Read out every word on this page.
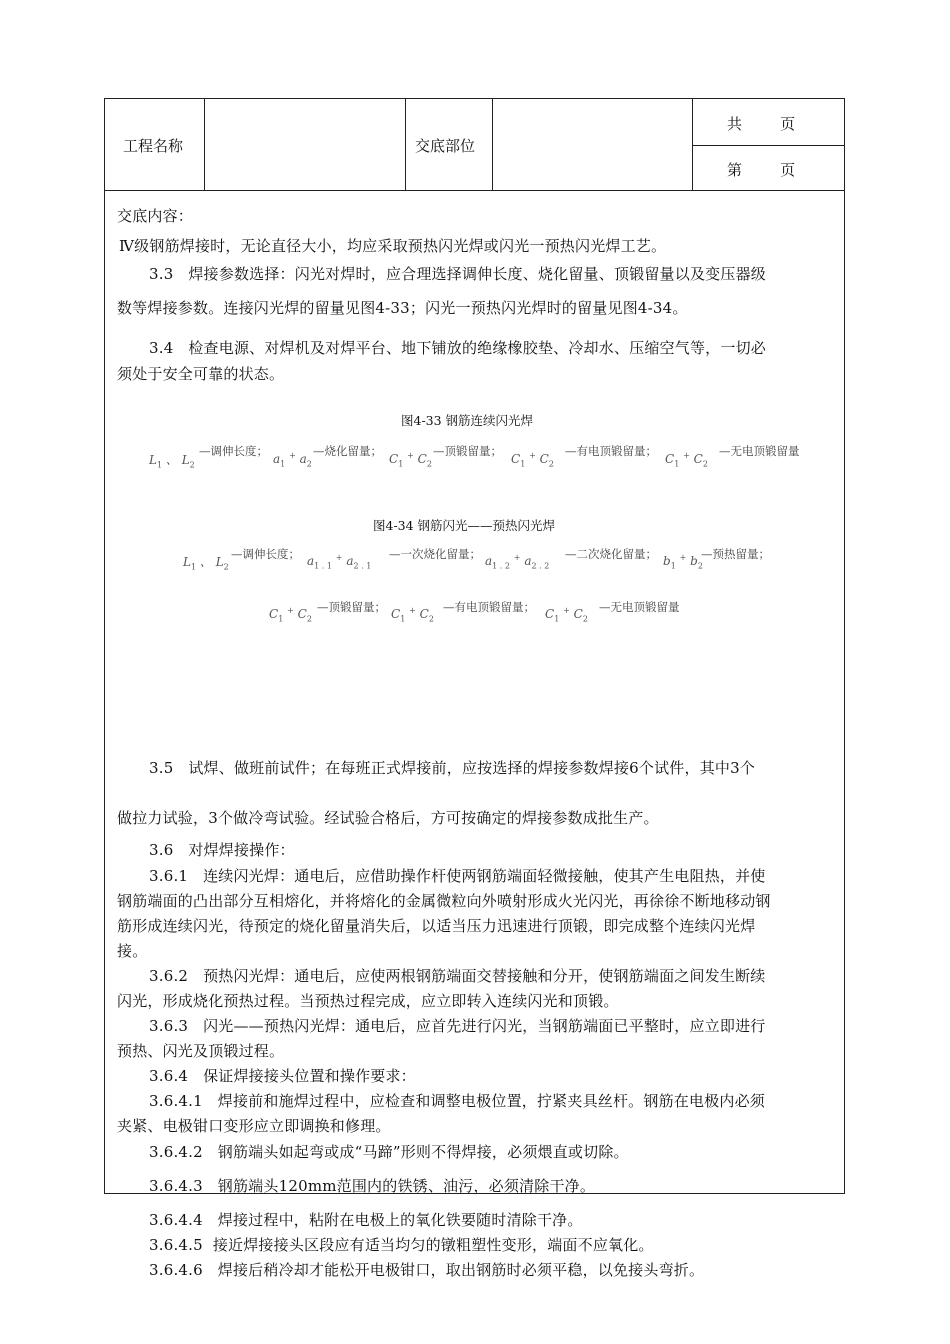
工程名称	交底部位
共        页
第        页
交底内容：
Ⅳ级钢筋焊接时，无论直径大小，均应采取预热闪光焊或闪光一预热闪光焊工艺。
3.3   焊接参数选择：闪光对焊时，应合理选择调伸长度、烧化留量、顶锻留量以及变压器级
数等焊接参数。连接闪光焊的留量见图4-33；闪光一预热闪光焊时的留量见图4-34。
3.4   检查电源、对焊机及对焊平台、地下铺放的绝缘橡胶垫、冷却水、压缩空气等，一切必
须处于安全可靠的状态。
图4-33 钢筋连续闪光焊
$L_1$ 、 $L_2$
—调伸长度；
$a_1$ + $a_2$
—烧化留量；
$C_1$ + $C_2$
—顶锻留量；
$C_1$ + $C_2$
—有电顶锻留量；
$C_1$ + $C_2$
—无电顶锻留量
图4-34 钢筋闪光——预热闪光焊
$L_1$ 、 $L_2$
—调伸长度； $a_{1 . 1}$ + $a_{2 . 1}$
—一次烧化留量； $a_{1 . 2}$ + $a_{2 . 2}$
—二次烧化留量； $b_1$ + $b_2$
—预热留量；
$C_1$ + $C_2$
—顶锻留量； $C_1$ + $C_2$
—有电顶锻留量； $C_1$ + $C_2$
—无电顶锻留量
3.5   试焊、做班前试件；在每班正式焊接前，应按选择的焊接参数焊接6个试件，其中3个
做拉力试验，3个做冷弯试验。经试验合格后，方可按确定的焊接参数成批生产。
3.6   对焊焊接操作：
3.6.1   连续闪光焊：通电后，应借助操作杆使两钢筋端面轻微接触，使其产生电阻热，并使
钢筋端面的凸出部分互相熔化，并将熔化的金属微粒向外喷射形成火光闪光，再徐徐不断地移动钢
筋形成连续闪光，待预定的烧化留量消失后，以适当压力迅速进行顶锻，即完成整个连续闪光焊
接。
3.6.2   预热闪光焊：通电后，应使两根钢筋端面交替接触和分开，使钢筋端面之间发生断续
闪光，形成烧化预热过程。当预热过程完成，应立即转入连续闪光和顶锻。
3.6.3   闪光——预热闪光焊：通电后，应首先进行闪光，当钢筋端面已平整时，应立即进行
预热、闪光及顶锻过程。
3.6.4   保证焊接接头位置和操作要求：
3.6.4.1   焊接前和施焊过程中，应检查和调整电极位置，拧紧夹具丝杆。钢筋在电极内必须
夹紧、电极钳口变形应立即调换和修理。
3.6.4.2   钢筋端头如起弯或成“马蹄”形则不得焊接，必须煨直或切除。
3.6.4.3   钢筋端头120mm范围内的铁锈、油污，必须清除干净。
3.6.4.4   焊接过程中，粘附在电极上的氧化铁要随时清除干净。
3.6.4.5  接近焊接接头区段应有适当均匀的镦粗塑性变形，端面不应氧化。
3.6.4.6   焊接后稍冷却才能松开电极钳口，取出钢筋时必须平稳，以免接头弯折。
